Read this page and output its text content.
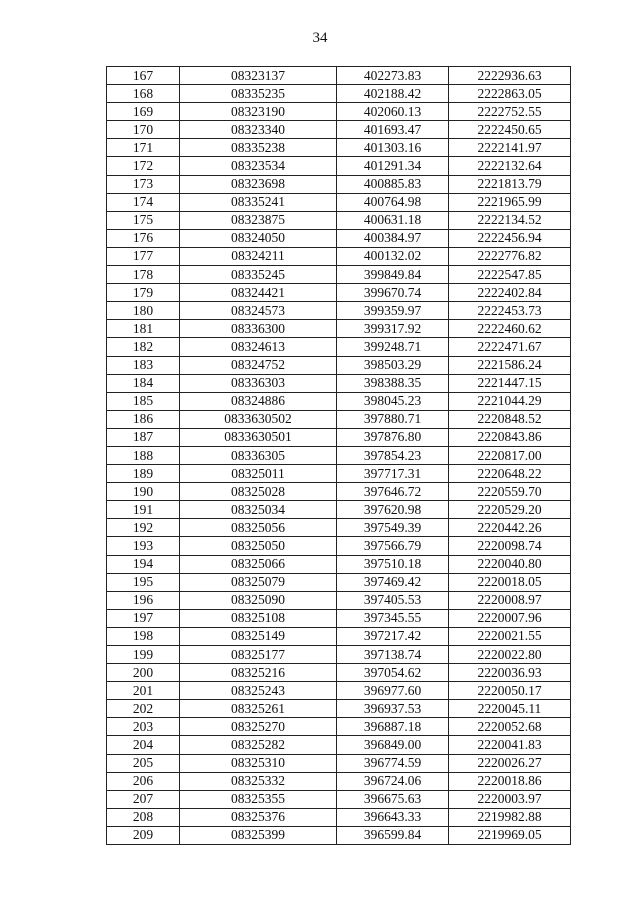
34
167	08323137	402273.83	2222936.63
168	08335235	402188.42	2222863.05
169	08323190	402060.13	2222752.55
170	08323340	401693.47	2222450.65
171	08335238	401303.16	2222141.97
172	08323534	401291.34	2222132.64
173	08323698	400885.83	2221813.79
174	08335241	400764.98	2221965.99
175	08323875	400631.18	2222134.52
176	08324050	400384.97	2222456.94
177	08324211	400132.02	2222776.82
178	08335245	399849.84	2222547.85
179	08324421	399670.74	2222402.84
180	08324573	399359.97	2222453.73
181	08336300	399317.92	2222460.62
182	08324613	399248.71	2222471.67
183	08324752	398503.29	2221586.24
184	08336303	398388.35	2221447.15
185	08324886	398045.23	2221044.29
186	0833630502	397880.71	2220848.52
187	0833630501	397876.80	2220843.86
188	08336305	397854.23	2220817.00
189	08325011	397717.31	2220648.22
190	08325028	397646.72	2220559.70
191	08325034	397620.98	2220529.20
192	08325056	397549.39	2220442.26
193	08325050	397566.79	2220098.74
194	08325066	397510.18	2220040.80
195	08325079	397469.42	2220018.05
196	08325090	397405.53	2220008.97
197	08325108	397345.55	2220007.96
198	08325149	397217.42	2220021.55
199	08325177	397138.74	2220022.80
200	08325216	397054.62	2220036.93
201	08325243	396977.60	2220050.17
202	08325261	396937.53	2220045.11
203	08325270	396887.18	2220052.68
204	08325282	396849.00	2220041.83
205	08325310	396774.59	2220026.27
206	08325332	396724.06	2220018.86
207	08325355	396675.63	2220003.97
208	08325376	396643.33	2219982.88
209	08325399	396599.84	2219969.05
